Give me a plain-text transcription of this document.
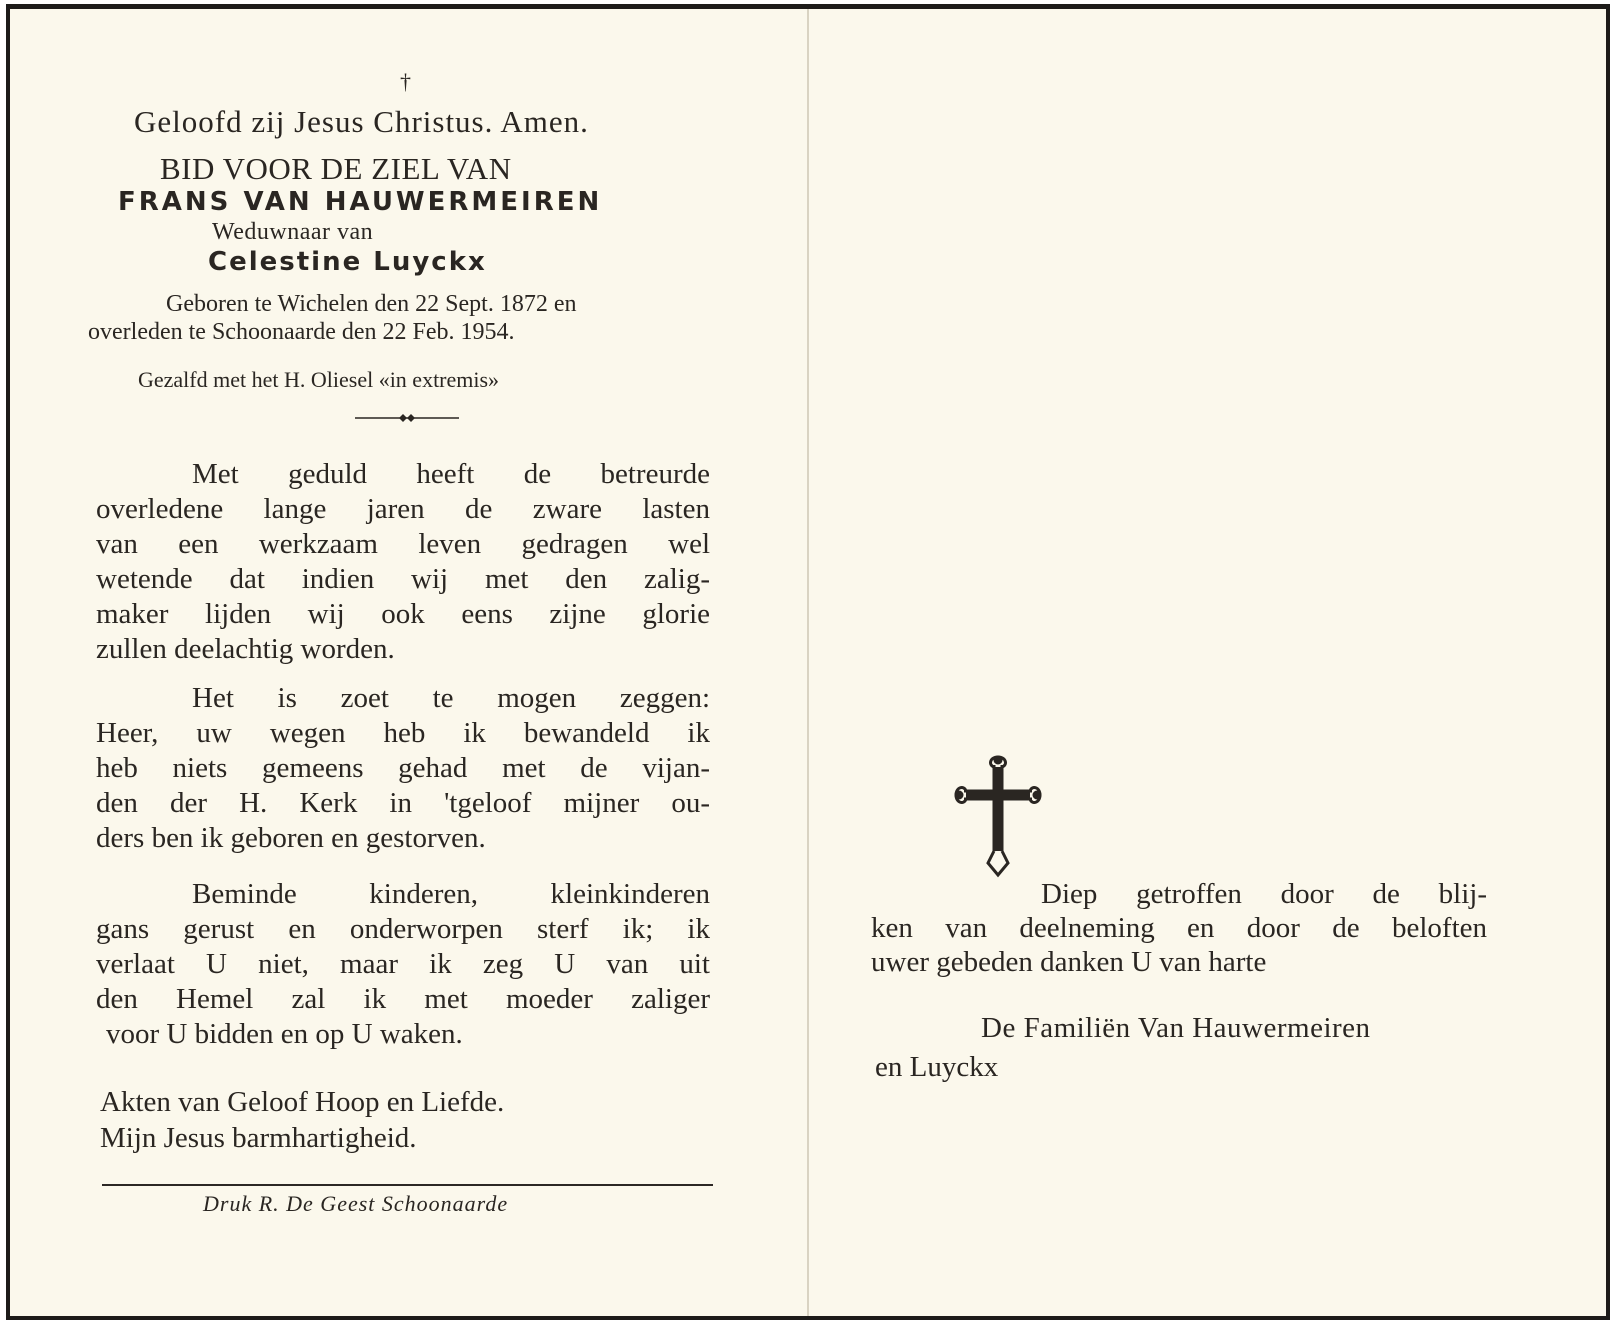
†
Geloofd zij Jesus Christus. Amen.
BID VOOR DE ZIEL VAN
FRANS VAN HAUWERMEIREN
Weduwnaar van
Celestine Luyckx
Geboren te Wichelen den 22 Sept. 1872 en
overleden te Schoonaarde den 22 Feb. 1954.
Gezalfd met het H. Oliesel «in extremis»
Met geduld heeft de betreurde
overledene lange jaren de zware lasten
van een werkzaam leven gedragen wel
wetende dat indien wij met den zalig-
maker lijden wij ook eens zijne glorie
zullen deelachtig worden.
Het is zoet te mogen zeggen:
Heer, uw wegen heb ik bewandeld ik
heb niets gemeens gehad met de vijan-
den der H. Kerk in 'tgeloof mijner ou-
ders ben ik geboren en gestorven.
Beminde kinderen, kleinkinderen
gans gerust en onderworpen sterf ik; ik
verlaat U niet, maar ik zeg U van uit
den Hemel zal ik met moeder zaliger
voor U bidden en op U waken.
Akten van Geloof Hoop en Liefde.
Mijn Jesus barmhartigheid.
Druk R. De Geest Schoonaarde
Diep getroffen door de blij-
ken van deelneming en door de beloften
uwer gebeden danken U van harte
De Familiën Van Hauwermeiren
en Luyckx
